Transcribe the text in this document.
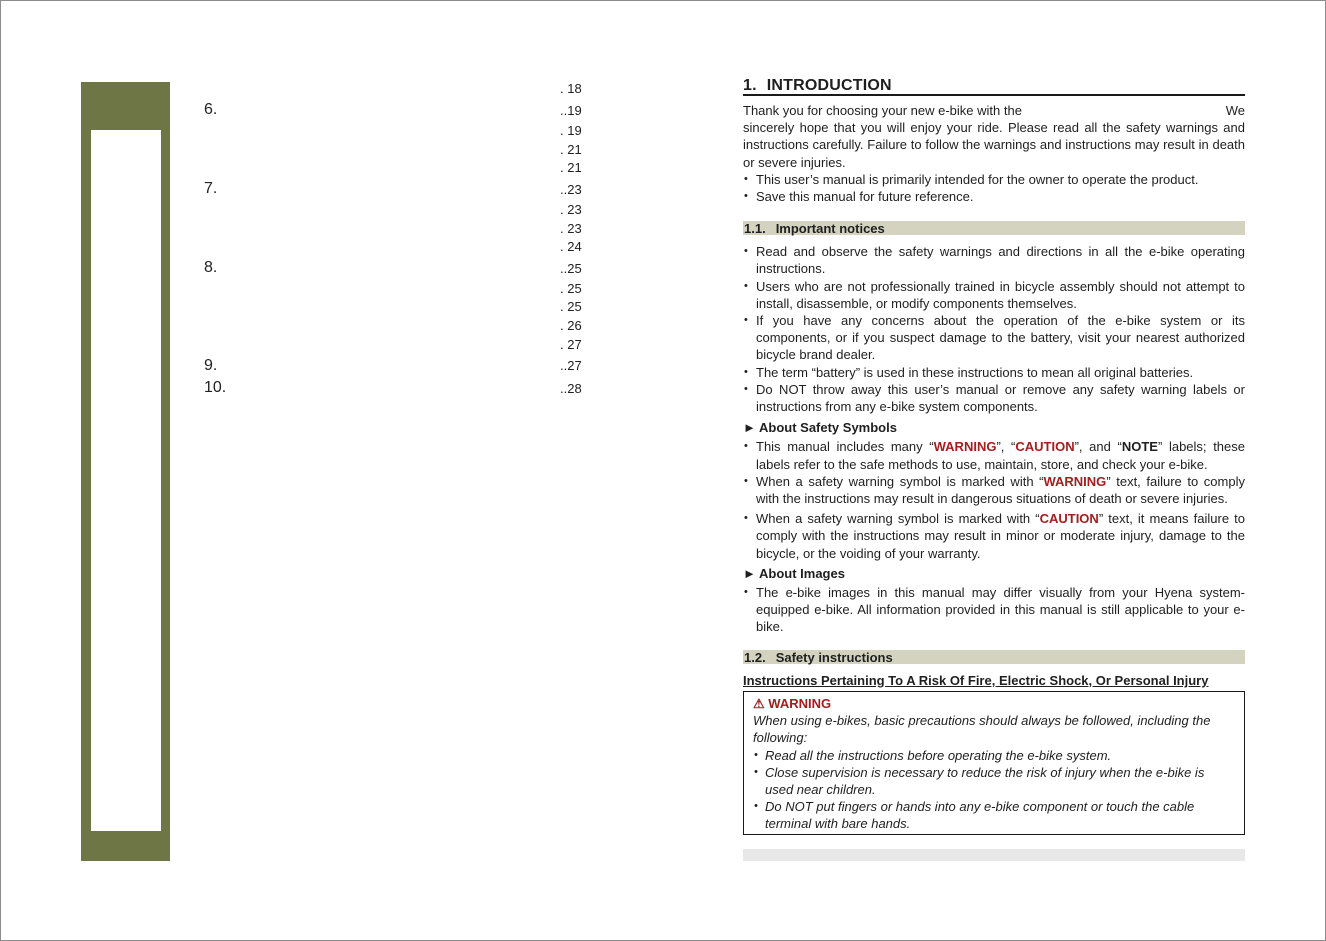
6.
7.
8.
9.
10.
. 18
..19
. 19
. 21
. 21
..23
. 23
. 23
. 24
..25
. 25
. 25
. 26
. 27
..27
..28
1. INTRODUCTION

Thank you for choosing your new e-bike with the	We

sincerely hope that you will enjoy your ride. Please read all the safety warnings and instructions carefully. Failure to follow the warnings and instructions may result in death or severe injuries.

• This user’s manual is primarily intended for the owner to operate the product.
• Save this manual for future reference.
1.1. Important notices
• Read and observe the safety warnings and directions in all the e-bike operating instructions.
• Users who are not professionally trained in bicycle assembly should not attempt to install, disassemble, or modify components themselves.
• If you have any concerns about the operation of the e-bike system or its components, or if you suspect damage to the battery, visit your nearest authorized bicycle brand dealer.
• The term “battery” is used in these instructions to mean all original batteries.
• Do NOT throw away this user’s manual or remove any safety warning labels or instructions from any e-bike system components.

► About Safety Symbols

• This manual includes many “WARNING”, “CAUTION”, and “NOTE” labels; these labels refer to the safe methods to use, maintain, store, and check your e-bike.
• When a safety warning symbol is marked with “WARNING” text, failure to comply with the instructions may result in dangerous situations of death or severe injuries.
• When a safety warning symbol is marked with “CAUTION” text, it means failure to comply with the instructions may result in minor or moderate injury, damage to the bicycle, or the voiding of your warranty.

► About Images

• The e-bike images in this manual may differ visually from your Hyena system-equipped e-bike. All information provided in this manual is still applicable to your e-bike.
1.2. Safety instructions

Instructions Pertaining To A Risk Of Fire, Electric Shock, Or Personal Injury

⚠ WARNING

When using e-bikes, basic precautions should always be followed, including the following:

• Read all the instructions before operating the e-bike system.
• Close supervision is necessary to reduce the risk of injury when the e-bike is used near children.
• Do NOT put fingers or hands into any e-bike component or touch the cable terminal with bare hands.
